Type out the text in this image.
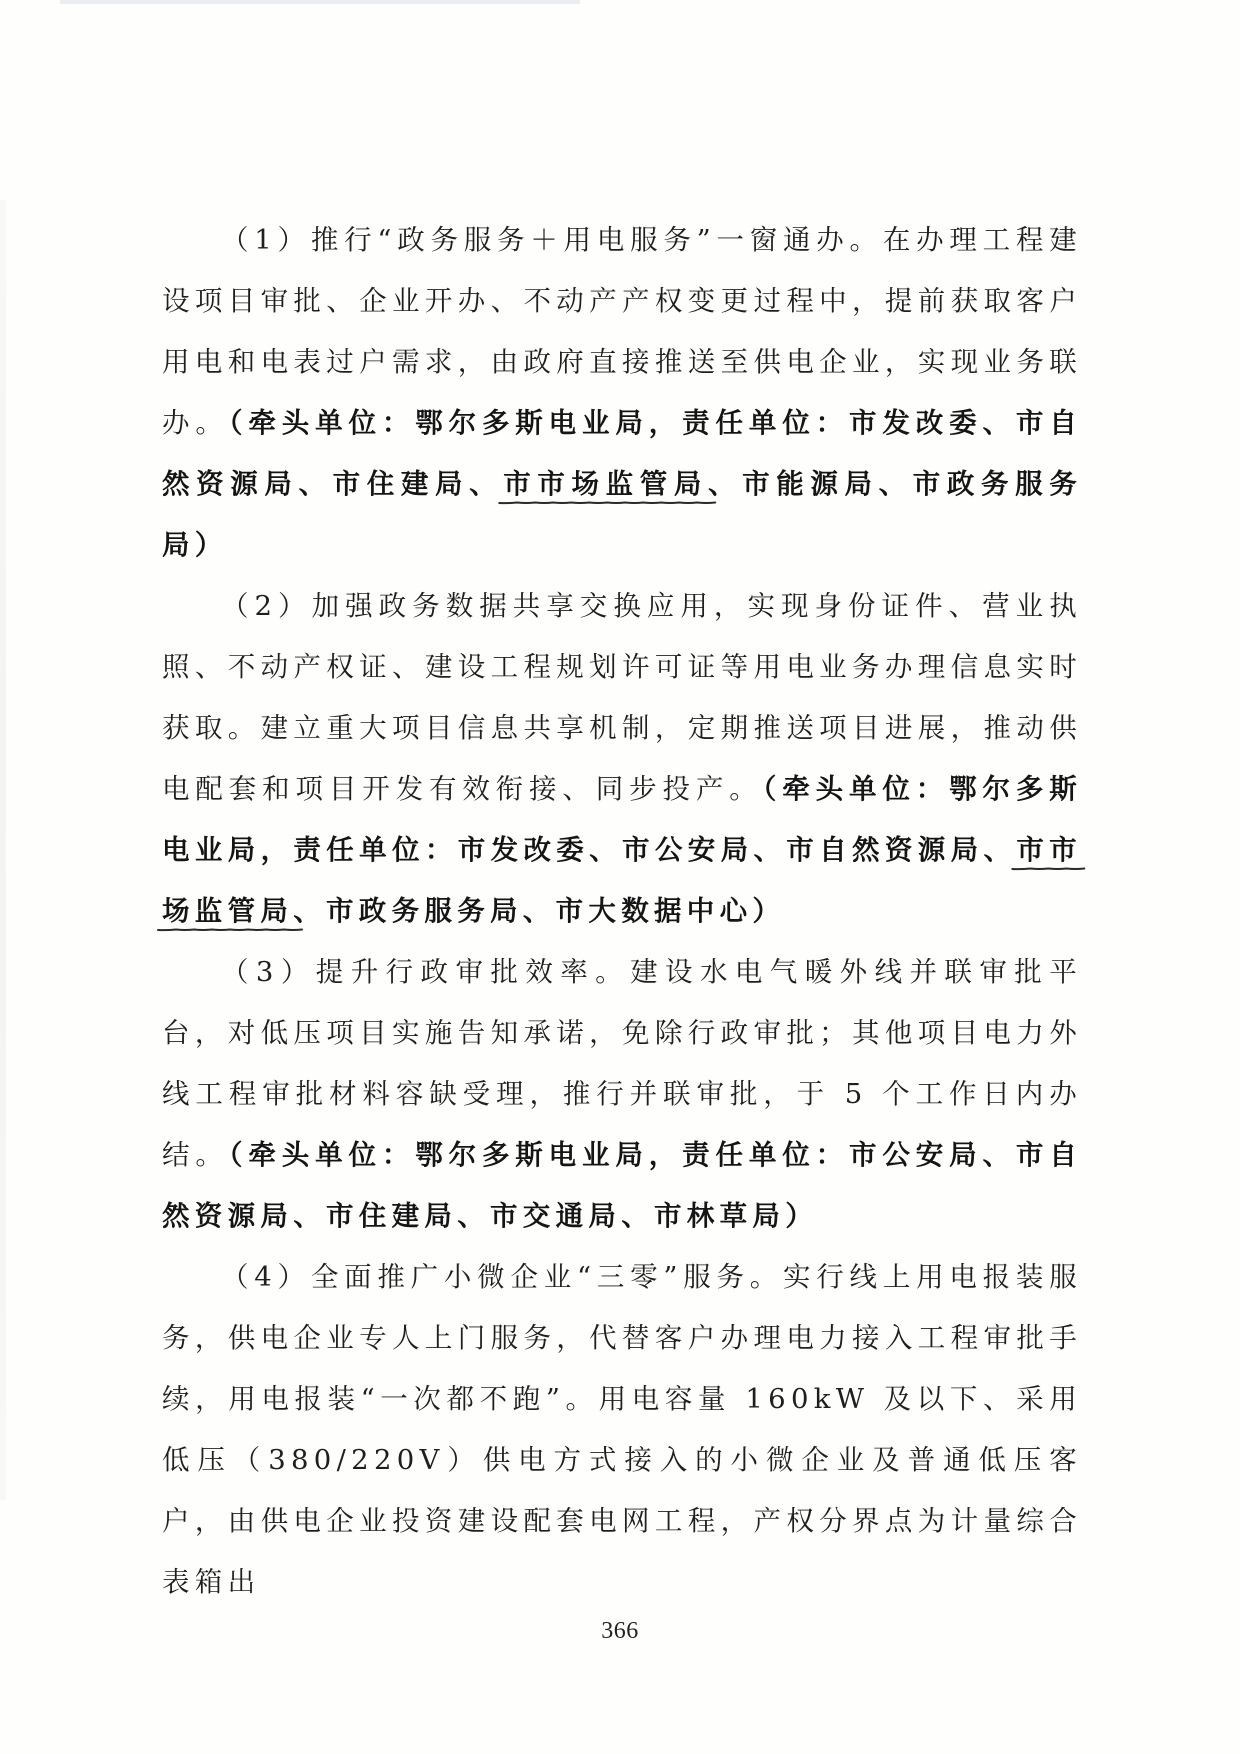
（1）推行“政务服务＋用电服务”一窗通办。在办理工程建设项目审批、企业开办、不动产产权变更过程中，提前获取客户用电和电表过户需求，由政府直接推送至供电企业，实现业务联办。（牵头单位：鄂尔多斯电业局，责任单位：市发改委、市自然资源局、市住建局、市市场监管局、市能源局、市政务服务局）

（2）加强政务数据共享交换应用，实现身份证件、营业执照、不动产权证、建设工程规划许可证等用电业务办理信息实时获取。建立重大项目信息共享机制，定期推送项目进展，推动供电配套和项目开发有效衔接、同步投产。（牵头单位：鄂尔多斯电业局，责任单位：市发改委、市公安局、市自然资源局、市市场监管局、市政务服务局、市大数据中心）

（3）提升行政审批效率。建设水电气暖外线并联审批平台，对低压项目实施告知承诺，免除行政审批；其他项目电力外线工程审批材料容缺受理，推行并联审批，于 5 个工作日内办结。（牵头单位：鄂尔多斯电业局，责任单位：市公安局、市自然资源局、市住建局、市交通局、市林草局）

（4）全面推广小微企业“三零”服务。实行线上用电报装服务，供电企业专人上门服务，代替客户办理电力接入工程审批手续，用电报装“一次都不跑”。用电容量 160kW 及以下、采用低压（380/220V）供电方式接入的小微企业及普通低压客户，由供电企业投资建设配套电网工程，产权分界点为计量综合表箱出

366
